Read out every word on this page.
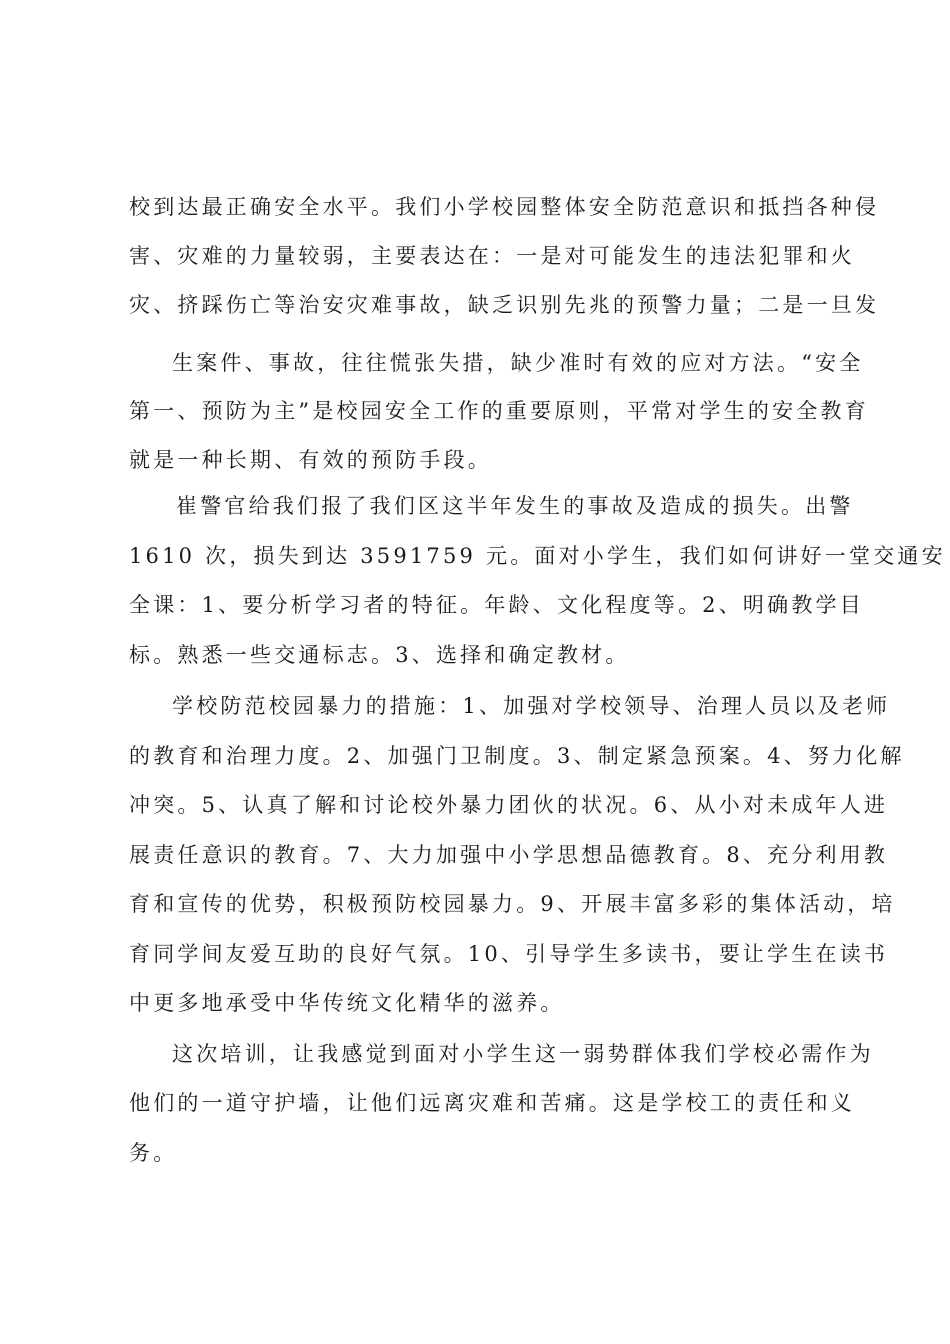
校到达最正确安全水平。我们小学校园整体安全防范意识和抵挡各种侵
害、灾难的力量较弱，主要表达在：一是对可能发生的违法犯罪和火
灾、挤踩伤亡等治安灾难事故，缺乏识别先兆的预警力量；二是一旦发
生案件、事故，往往慌张失措，缺少准时有效的应对方法。“安全
第一、预防为主”是校园安全工作的重要原则，平常对学生的安全教育
就是一种长期、有效的预防手段。
崔警官给我们报了我们区这半年发生的事故及造成的损失。出警
1610 次，损失到达 3591759 元。面对小学生，我们如何讲好一堂交通安
全课：1、要分析学习者的特征。年龄、文化程度等。2、明确教学目
标。熟悉一些交通标志。3、选择和确定教材。
学校防范校园暴力的措施：1、加强对学校领导、治理人员以及老师
的教育和治理力度。2、加强门卫制度。3、制定紧急预案。4、努力化解
冲突。5、认真了解和讨论校外暴力团伙的状况。6、从小对未成年人进
展责任意识的教育。7、大力加强中小学思想品德教育。8、充分利用教
育和宣传的优势，积极预防校园暴力。9、开展丰富多彩的集体活动，培
育同学间友爱互助的良好气氛。10、引导学生多读书，要让学生在读书
中更多地承受中华传统文化精华的滋养。
这次培训，让我感觉到面对小学生这一弱势群体我们学校必需作为
他们的一道守护墙，让他们远离灾难和苦痛。这是学校工的责任和义
务。
